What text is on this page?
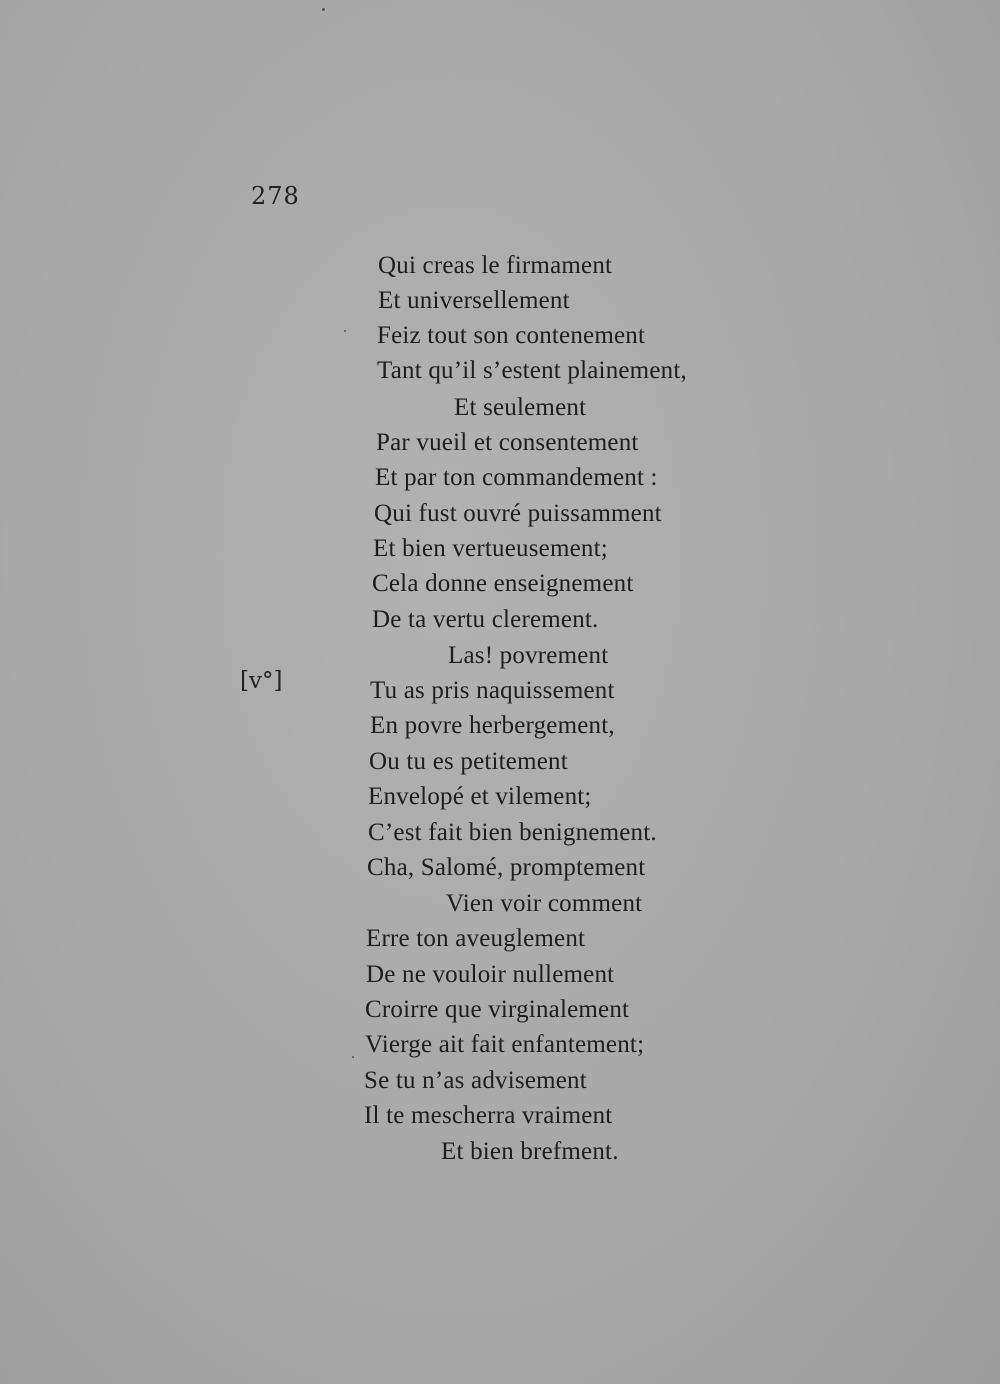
278
[v°]
Qui creas le firmament
Et universellement
Feiz tout son contenement
Tant qu’il s’estent plainement,
Et seulement
Par vueil et consentement
Et par ton commandement :
Qui fust ouvré puissamment
Et bien vertueusement;
Cela donne enseignement
De ta vertu clerement.
Las! povrement
Tu as pris naquissement
En povre herbergement,
Ou tu es petitement
Envelopé et vilement;
C’est fait bien benignement.
Cha, Salomé, promptement
Vien voir comment
Erre ton aveuglement
De ne vouloir nullement
Croirre que virginalement
Vierge ait fait enfantement;
Se tu n’as advisement
Il te mescherra vraiment
Et bien brefment.
